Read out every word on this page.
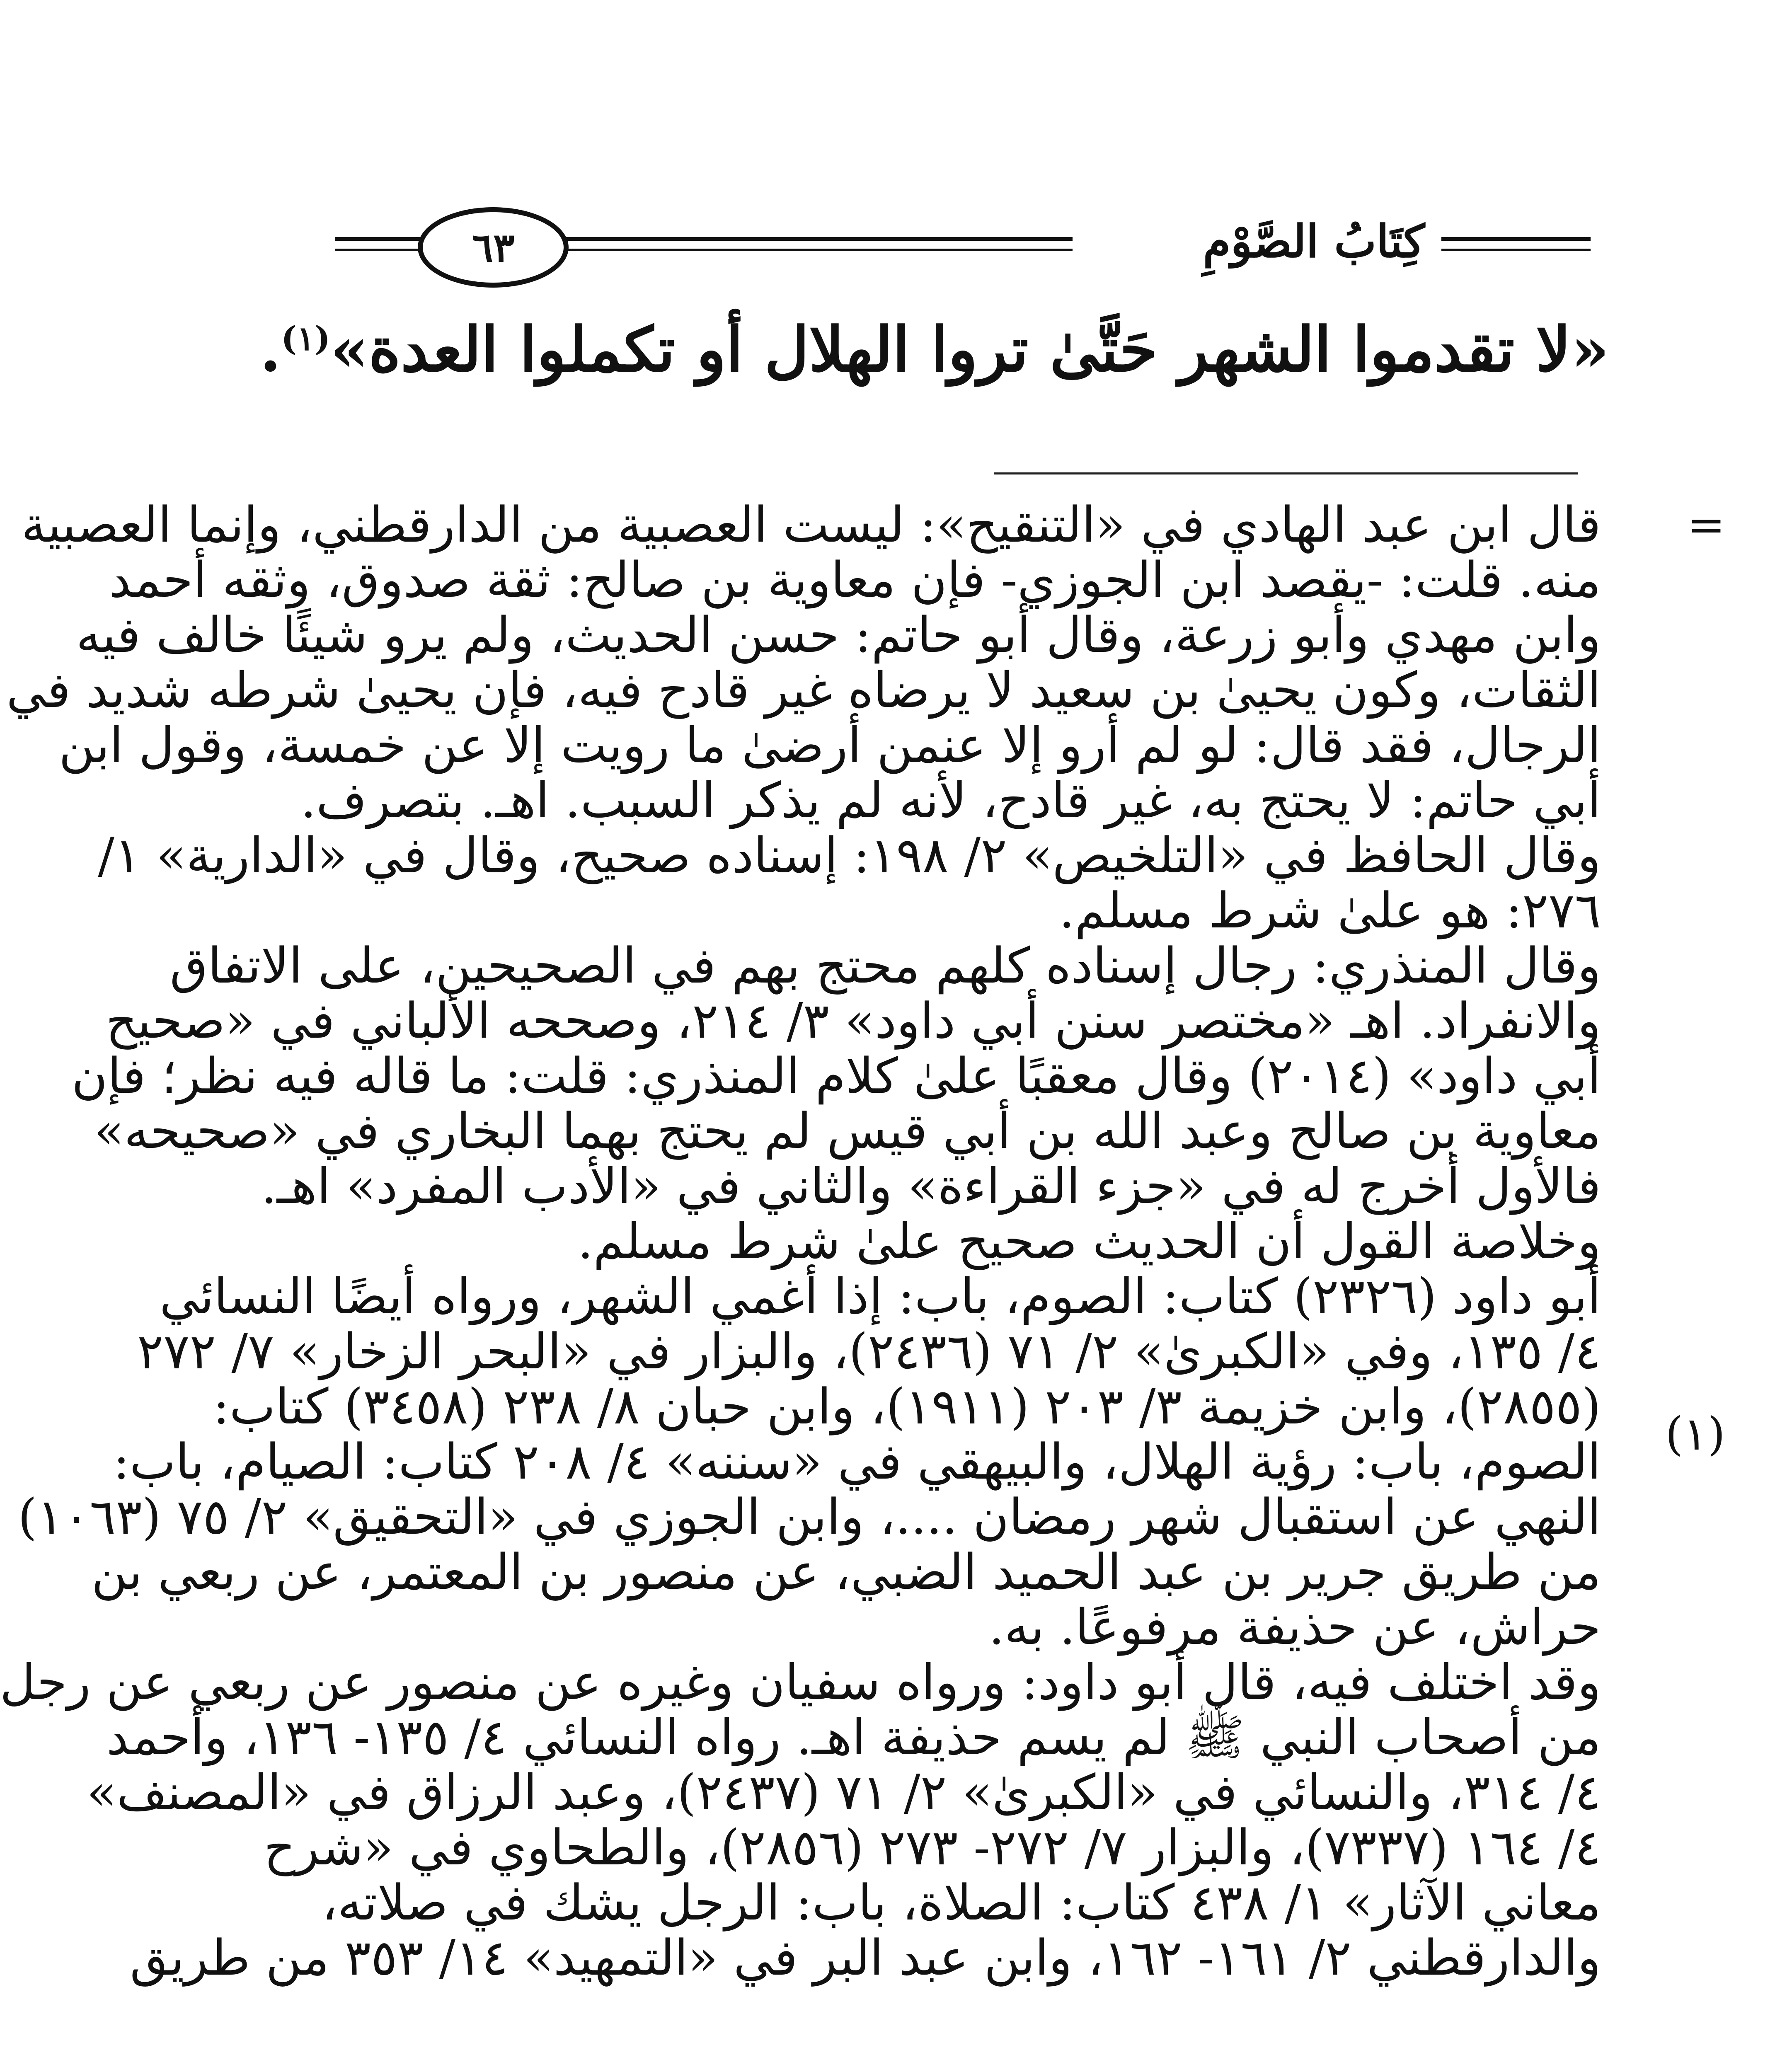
٦٣	كِتَابُ الصَّوْمِ
«لا تقدموا الشهر حَتَّىٰ تروا الهلال أو تكملوا العدة»$^{(١)}$.
=
(١)
قال ابن عبد الهادي في «التنقيح»: ليست العصبية من الدارقطني، وإنما العصبية
منه. قلت: -يقصد ابن الجوزي- فإن معاوية بن صالح: ثقة صدوق، وثقه أحمد
وابن مهدي وأبو زرعة، وقال أبو حاتم: حسن الحديث، ولم يرو شيئًا خالف فيه
الثقات، وكون يحيىٰ بن سعيد لا يرضاه غير قادح فيه، فإن يحيىٰ شرطه شديد في
الرجال، فقد قال: لو لم أرو إلا عنمن أرضىٰ ما رويت إلا عن خمسة، وقول ابن
أبي حاتم: لا يحتج به، غير قادح، لأنه لم يذكر السبب. اهـ. بتصرف.
وقال الحافظ في «التلخيص» ٢/ ١٩٨: إسناده صحيح، وقال في «الدارية» ١/
٢٧٦: هو علىٰ شرط مسلم.
وقال المنذري: رجال إسناده كلهم محتج بهم في الصحيحين، على الاتفاق
والانفراد. اهـ «مختصر سنن أبي داود» ٣/ ٢١٤، وصححه الألباني في «صحيح
أبي داود» (٢٠١٤) وقال معقبًا علىٰ كلام المنذري: قلت: ما قاله فيه نظر؛ فإن
معاوية بن صالح وعبد الله بن أبي قيس لم يحتج بهما البخاري في «صحيحه»
فالأول أخرج له في «جزء القراءة» والثاني في «الأدب المفرد» اهـ.
وخلاصة القول أن الحديث صحيح علىٰ شرط مسلم.
أبو داود (٢٣٢٦) كتاب: الصوم، باب: إذا أغمي الشهر، ورواه أيضًا النسائي
٤/ ١٣٥، وفي «الكبرىٰ» ٢/ ٧١ (٢٤٣٦)، والبزار في «البحر الزخار» ٧/ ٢٧٢
(٢٨٥٥)، وابن خزيمة ٣/ ٢٠٣ (١٩١١)، وابن حبان ٨/ ٢٣٨ (٣٤٥٨) كتاب:
الصوم، باب: رؤية الهلال، والبيهقي في «سننه» ٤/ ٢٠٨ كتاب: الصيام، باب:
النهي عن استقبال شهر رمضان ....، وابن الجوزي في «التحقيق» ٢/ ٧٥ (١٠٦٣)
من طريق جرير بن عبد الحميد الضبي، عن منصور بن المعتمر، عن ربعي بن
حراش، عن حذيفة مرفوعًا. به.
وقد اختلف فيه، قال أبو داود: ورواه سفيان وغيره عن منصور عن ربعي عن رجل
من أصحاب النبي ﷺ لم يسم حذيفة اهـ. رواه النسائي ٤/ ١٣٥- ١٣٦، وأحمد
٤/ ٣١٤، والنسائي في «الكبرىٰ» ٢/ ٧١ (٢٤٣٧)، وعبد الرزاق في «المصنف»
٤/ ١٦٤ (٧٣٣٧)، والبزار ٧/ ٢٧٢- ٢٧٣ (٢٨٥٦)، والطحاوي في «شرح
معاني الآثار» ١/ ٤٣٨ كتاب: الصلاة، باب: الرجل يشك في صلاته،
والدارقطني ٢/ ١٦١- ١٦٢، وابن عبد البر في «التمهيد» ١٤/ ٣٥٣ من طريق
